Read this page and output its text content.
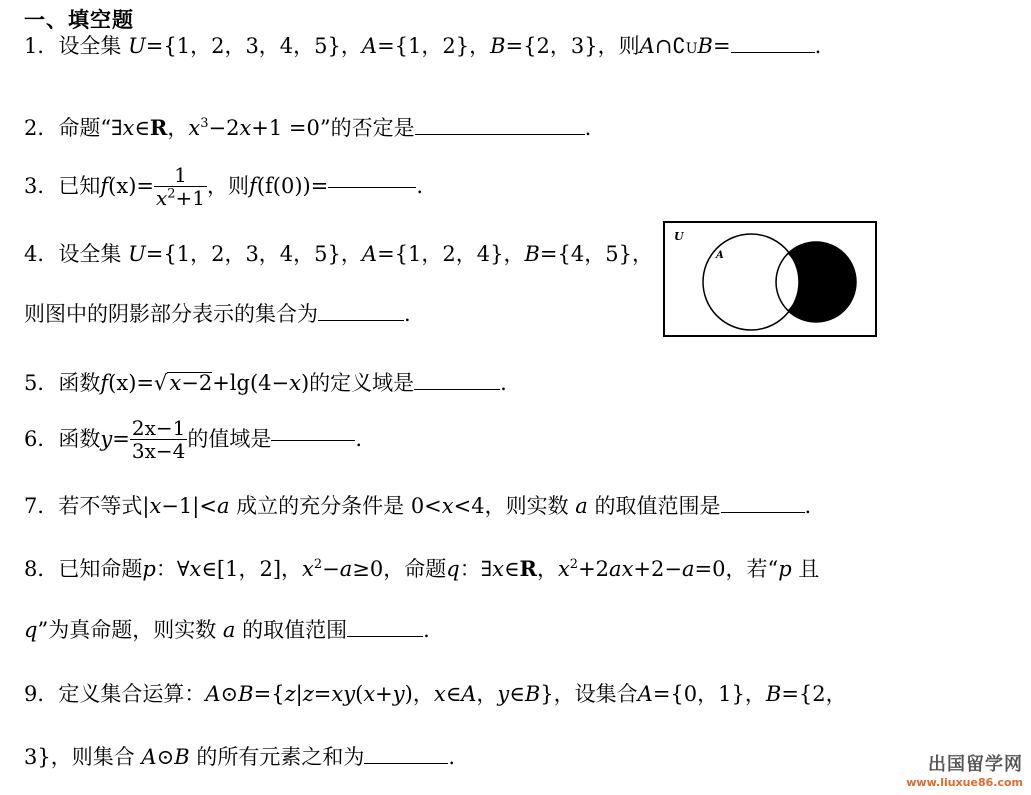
一、填空题
1．设全集 U={1，2，3，4，5}，A={1，2}，B={2，3}，则A∩∁UB=	.
2．命题“∃x∈R，$x^3-2x+1 =0$”的否定是	.
3．已知$f(x)= \frac{1}{x^2+1}$ ，则f(f(0))=	.
4．设全集 U={1，2，3，4，5}，A={1，2，4}，B={4，5}，
则图中的阴影部分表示的集合为	.
U
A
5．函数f(x)=√x−2+lg(4−x)的定义域是	.
6．函数$y= \frac{2x-1}{3x-4}$ 的值域是	.
7．若不等式|x−1|<a 成立的充分条件是 0<x<4，则实数 a 的取值范围是	.
8．已知命题p：∀x∈[1，2]，$x^2-a\ge 0$，命题q：∃x∈R，$x^2+2ax+2-a=0$，若“p 且
q”为真命题，则实数 a 的取值范围	.
9．定义集合运算：A⊙B={z|z=xy(x+y)，x∈A，y∈B}，设集合A={0，1}，B={2，
3}，则集合 A⊙B 的所有元素之和为	.	出国留学网
www.liuxue86.com
